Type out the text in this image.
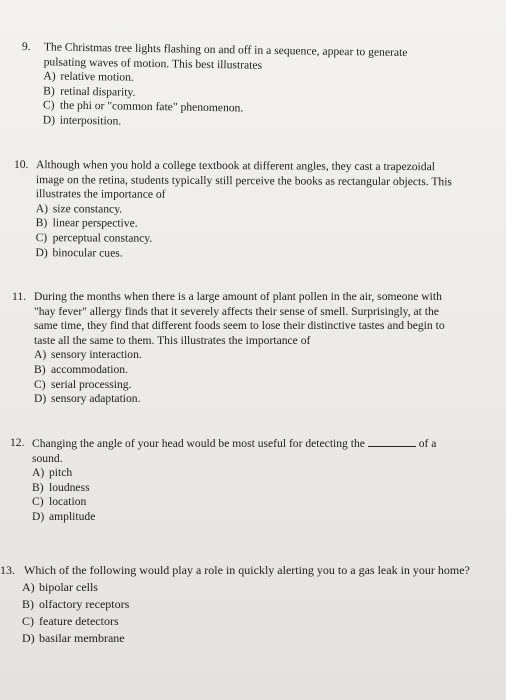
9.	The Christmas tree lights flashing on and off in a sequence, appear to generate pulsating waves of motion. This best illustrates
A) relative motion.
B) retinal disparity.
C) the phi or "common fate" phenomenon.
D) interposition.
10. Although when you hold a college textbook at different angles, they cast a trapezoidal image on the retina, students typically still perceive the books as rectangular objects. This illustrates the importance of
A) size constancy.
B) linear perspective.
C) perceptual constancy.
D) binocular cues.
11. During the months when there is a large amount of plant pollen in the air, someone with "hay fever" allergy finds that it severely affects their sense of smell. Surprisingly, at the same time, they find that different foods seem to lose their distinctive tastes and begin to taste all the same to them. This illustrates the importance of
A) sensory interaction.
B) accommodation.
C) serial processing.
D) sensory adaptation.
12. Changing the angle of your head would be most useful for detecting the	of a sound.
A) pitch
B) loudness
C) location
D) amplitude
13. Which of the following would play a role in quickly alerting you to a gas leak in your home?
A) bipolar cells
B) olfactory receptors
C) feature detectors
D) basilar membrane
